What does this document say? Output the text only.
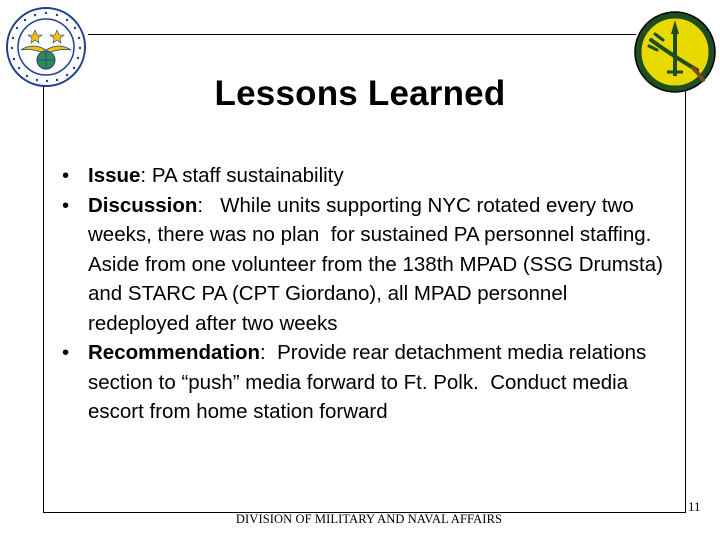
Lessons Learned
• Issue: PA staff sustainability
• Discussion:   While units supporting NYC rotated every two weeks, there was no plan  for sustained PA personnel staffing.  Aside from one volunteer from the 138th MPAD (SSG Drumsta) and STARC PA (CPT Giordano), all MPAD personnel redeployed after two weeks
• Recommendation:  Provide rear detachment media relations section to “push” media forward to Ft. Polk.  Conduct media escort from home station forward
DIVISION OF MILITARY AND NAVAL AFFAIRS
11
